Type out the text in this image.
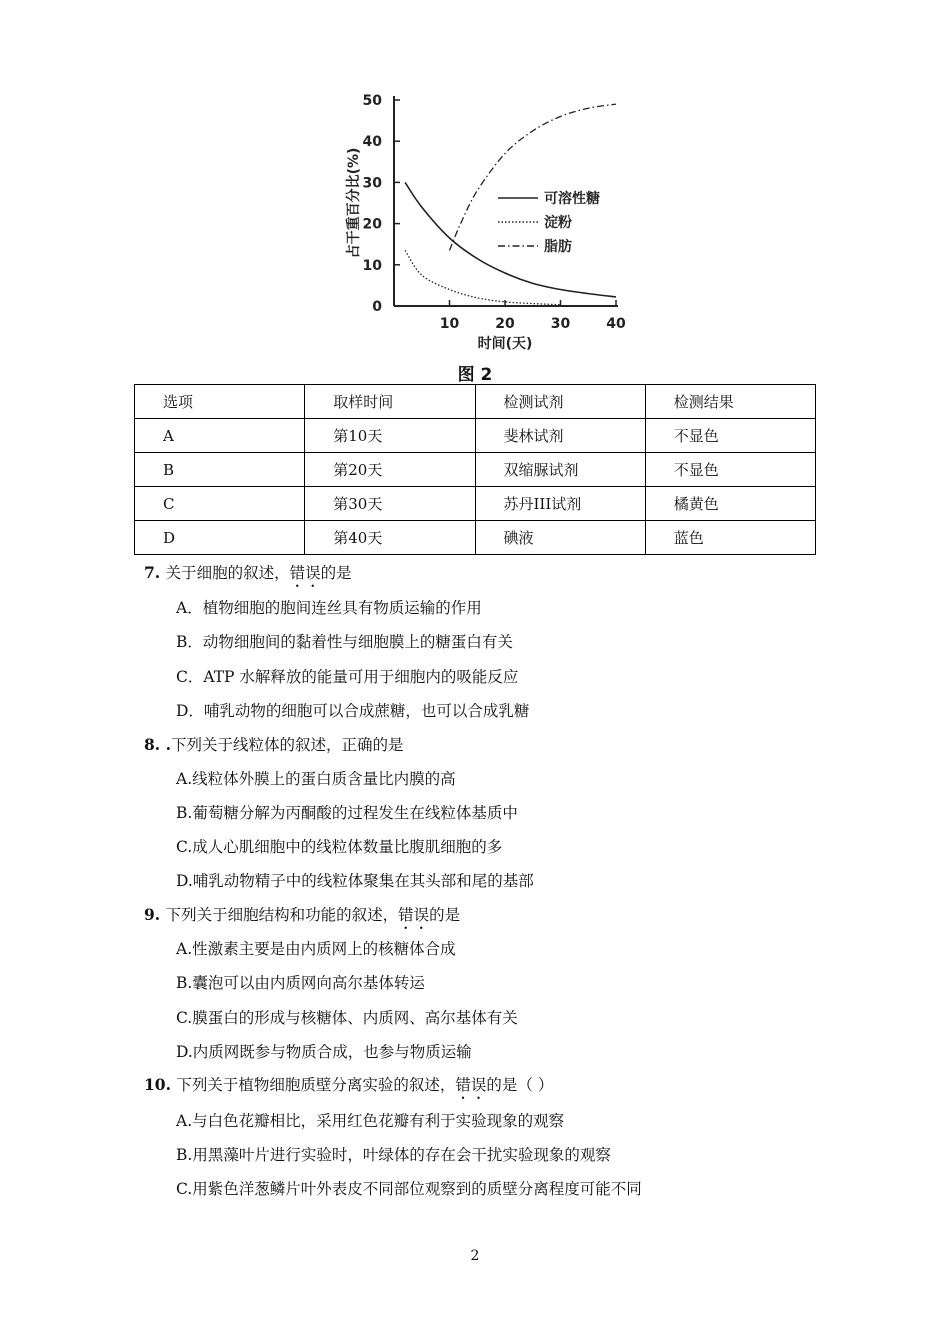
0
10
20
30
40
50
10	20	30	40
可溶性糖
淀粉
脂肪
占干重百分比(%)
时间(天)
图 2
选项	取样时间	检测试剂	检测结果
A	第10天	斐林试剂	不显色
B	第20天	双缩脲试剂	不显色
C	第30天	苏丹III试剂	橘黄色
D	第40天	碘液	蓝色
7. 关于细胞的叙述，错误的是
A．植物细胞的胞间连丝具有物质运输的作用
B．动物细胞间的黏着性与细胞膜上的糖蛋白有关
C．ATP 水解释放的能量可用于细胞内的吸能反应
D．哺乳动物的细胞可以合成蔗糖，也可以合成乳糖
8. .下列关于线粒体的叙述，正确的是
A.线粒体外膜上的蛋白质含量比内膜的高
B.葡萄糖分解为丙酮酸的过程发生在线粒体基质中
C.成人心肌细胞中的线粒体数量比腹肌细胞的多
D.哺乳动物精子中的线粒体聚集在其头部和尾的基部
9. 下列关于细胞结构和功能的叙述，错误的是
A.性激素主要是由内质网上的核糖体合成
B.囊泡可以由内质网向高尔基体转运
C.膜蛋白的形成与核糖体、内质网、高尔基体有关
D.内质网既参与物质合成，也参与物质运输
10. 下列关于植物细胞质壁分离实验的叙述，错误的是（ ）
A.与白色花瓣相比，采用红色花瓣有利于实验现象的观察
B.用黑藻叶片进行实验时，叶绿体的存在会干扰实验现象的观察
C.用紫色洋葱鳞片叶外表皮不同部位观察到的质壁分离程度可能不同
2
